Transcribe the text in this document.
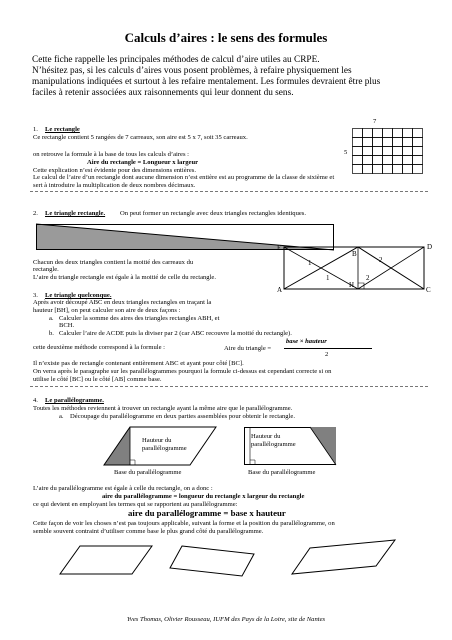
Calculs d’aires : le sens des formules
Cette fiche rappelle les principales méthodes de calcul d’aire utiles au CRPE.
N’hésitez pas, si les calculs d’aires vous posent problèmes, à refaire physiquement les
manipulations indiquées et surtout à les refaire mentalement. Les formules devraient être plus
faciles à retenir associées aux raisonnements qui leur donnent du sens.
1. Le rectangle
Ce rectangle contient 5 rangées de 7 carreaux, son aire est 5 x 7, soit 35 carreaux.
on retrouve la formule à la base de tous les calculs d’aires :
Aire du rectangle = Longueur x largeur
Cette explication n’est évidente pour des dimensions entières.
Le calcul de l’aire d’un rectangle dont aucune dimension n’est entière est au programme de la classe de sixième et
sert à introduire la multiplication de deux nombres décimaux.
7
5
2. Le triangle rectangle. On peut former un rectangle avec deux triangles rectangles identiques.
Chacun des deux triangles contient la moitié des carreaux du
rectangle.
L’aire du triangle rectangle est égale à la moitié de celle du rectangle.
E	D
A	C
B
H
1
1
2
2
3. Le triangle quelconque.
Après avoir découpé ABC en deux triangles rectangles en traçant la
hauteur [BH], on peut calculer son aire de deux façons :
a. Calculer la somme des aires des triangles rectangles ABH, et
BCH.
b. Calculer l’aire de ACDE puis la diviser par 2 (car ABC recouvre la moitié du rectangle).
cette deuxième méthode correspond à la formule :	Aire du triangle =
base × hauteur
2
Il n’existe pas de rectangle contenant entièrement ABC et ayant pour côté [BC].
On verra après le paragraphe sur les parallélogrammes pourquoi la formule ci-dessus est cependant correcte si on
utilise le côté [BC] ou le côté [AB] comme base.
4. Le parallélogramme.
Toutes les méthodes reviennent à trouver un rectangle ayant la même aire que le parallélogramme.
a. Découpage du parallélogramme en deux parties assemblées pour obtenir le rectangle.
Hauteur du parallélogramme
Base du parallélogramme
Hauteur du parallélogramme
Base du parallélogramme
L’aire du parallélogramme est égale à celle du rectangle, on a donc :
aire du parallélogramme = longueur du rectangle x largeur du rectangle
ce qui devient en employant les termes qui se rapportent au parallélogramme:
aire du parallélogramme = base x hauteur
Cette façon de voir les choses n’est pas toujours applicable, suivant la forme et la position du parallélogramme, on
semble souvent contraint d’utiliser comme base le plus grand côté du parallélogramme.
Yves Thomas, Olivier Rousseau, IUFM des Pays de la Loire, site de Nantes
